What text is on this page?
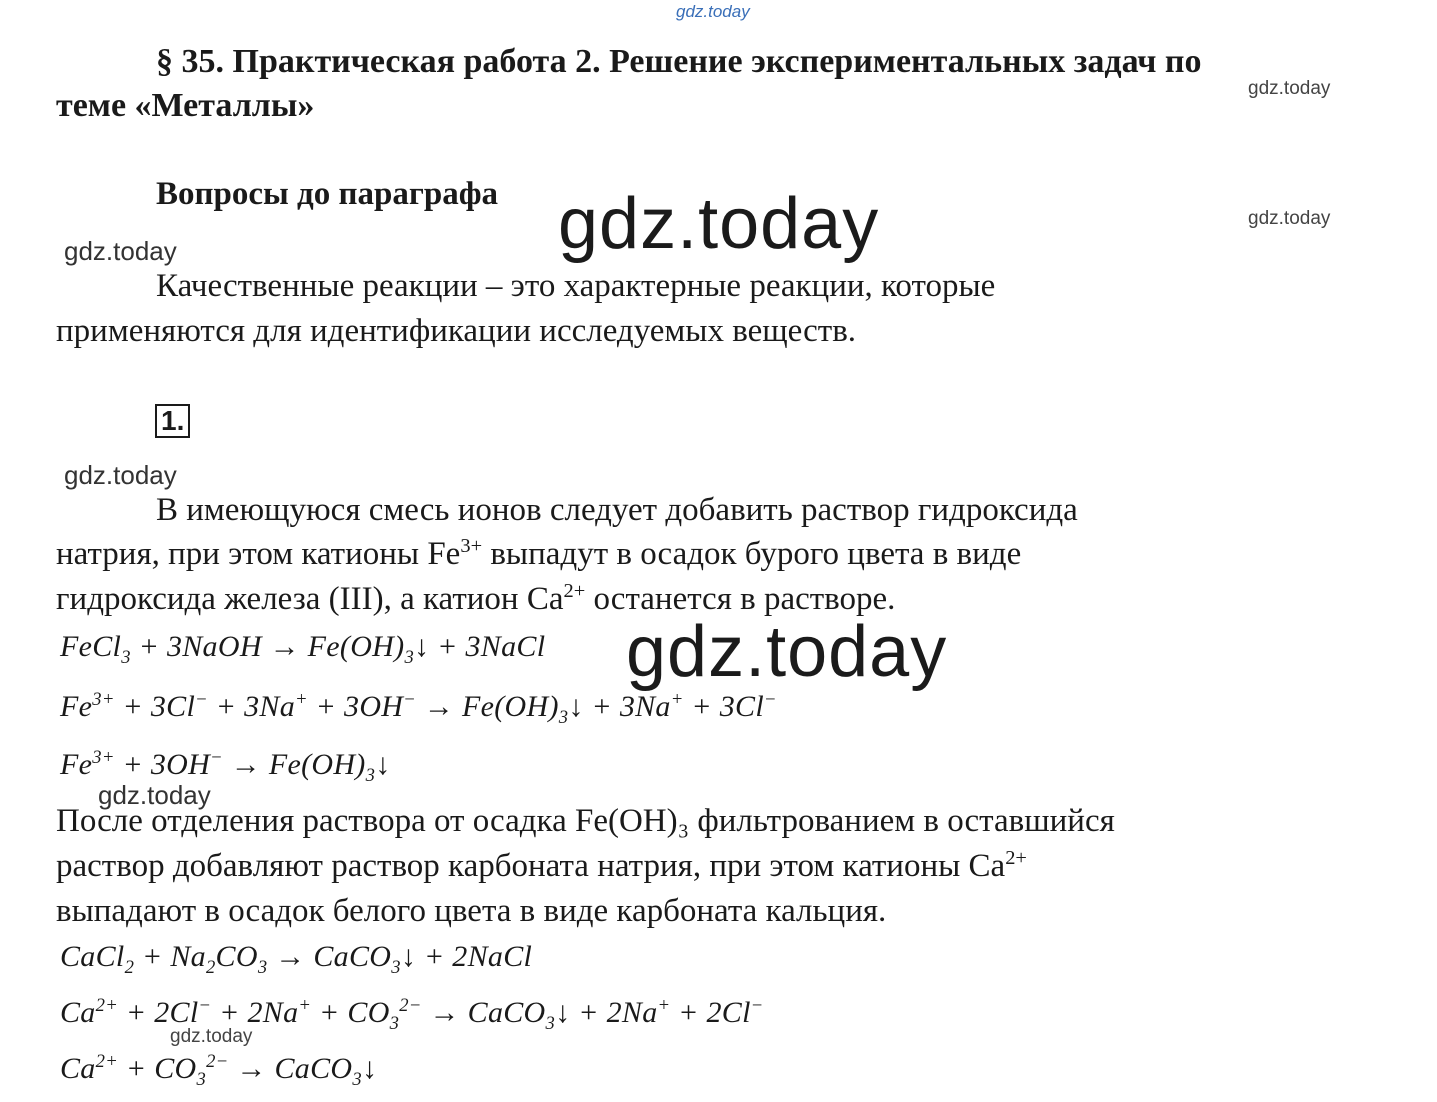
gdz.today
§ 35. Практическая работа 2. Решение экспериментальных задач по
теме «Металлы»	gdz.today
Вопросы до параграфа gdz.today	gdz.today
gdz.today
Качественные реакции – это характерные реакции, которые
применяются для идентификации исследуемых веществ.
1.
gdz.today
В имеющуюся смесь ионов следует добавить раствор гидроксида
натрия, при этом катионы $Fe^{3+}$ выпадут в осадок бурого цвета в виде
гидроксида железа (III), а катион $Ca^{2+}$ останется в растворе.
FeCl$_3$ + 3NaOH → $Fe(OH)_3↓$ + 3NaCl gdz.today
$Fe^{3+} + 3Cl^- + 3Na^+ + 3OH^-$ → $Fe(OH)_3↓ + 3Na^+ + 3Cl^-$
$Fe^{3+} + 3OH^-$ → $Fe(OH)_3↓$
gdz.today
После отделения раствора от осадка Fe(OH)₃ фильтрованием в оставшийся
раствор добавляют раствор карбоната натрия, при этом катионы $Ca^{2+}$
выпадают в осадок белого цвета в виде карбоната кальция.
CaCl$_2$ + $Na_2CO_3$ → CaCO$_3$↓ + 2NaCl
$Ca^{2+} + 2Cl^- + 2Na^+ + CO_3^{2-}$ → CaCO$_3$↓ + 2Na+ + 2Cl−
gdz.today
$Ca^{2+} + CO_3^{2-}$ → CaCO$_3$↓
